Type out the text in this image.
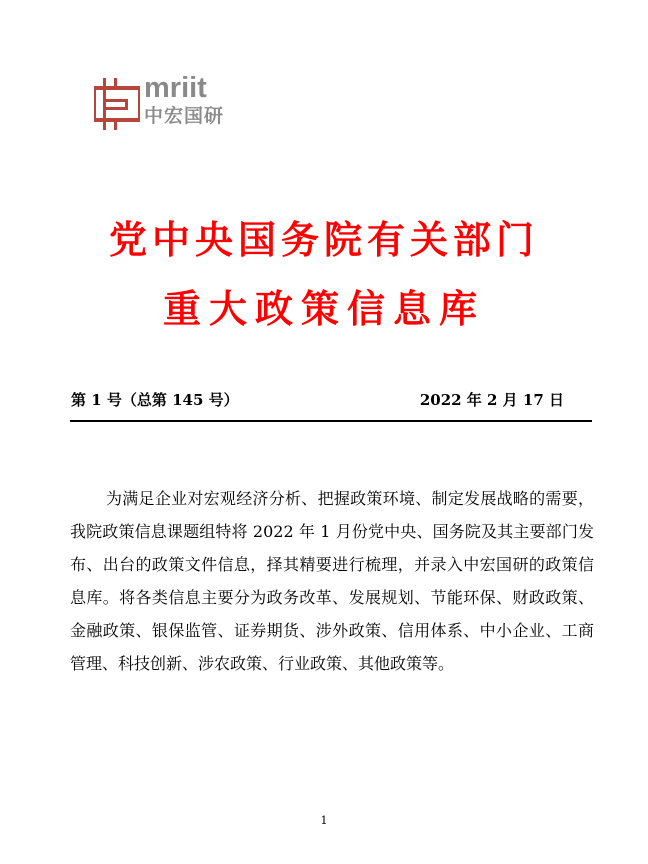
mriit
中宏国研
党中央国务院有关部门
重大政策信息库
第 1 号（总第 145 号）	2022 年 2 月 17 日

为满足企业对宏观经济分析、把握政策环境、制定发展战略的需要，我院政策信息课题组特将 2022 年 1 月份党中央、国务院及其主要部门发布、出台的政策文件信息，择其精要进行梳理，并录入中宏国研的政策信息库。将各类信息主要分为政务改革、发展规划、节能环保、财政政策、金融政策、银保监管、证券期货、涉外政策、信用体系、中小企业、工商管理、科技创新、涉农政策、行业政策、其他政策等。

1
